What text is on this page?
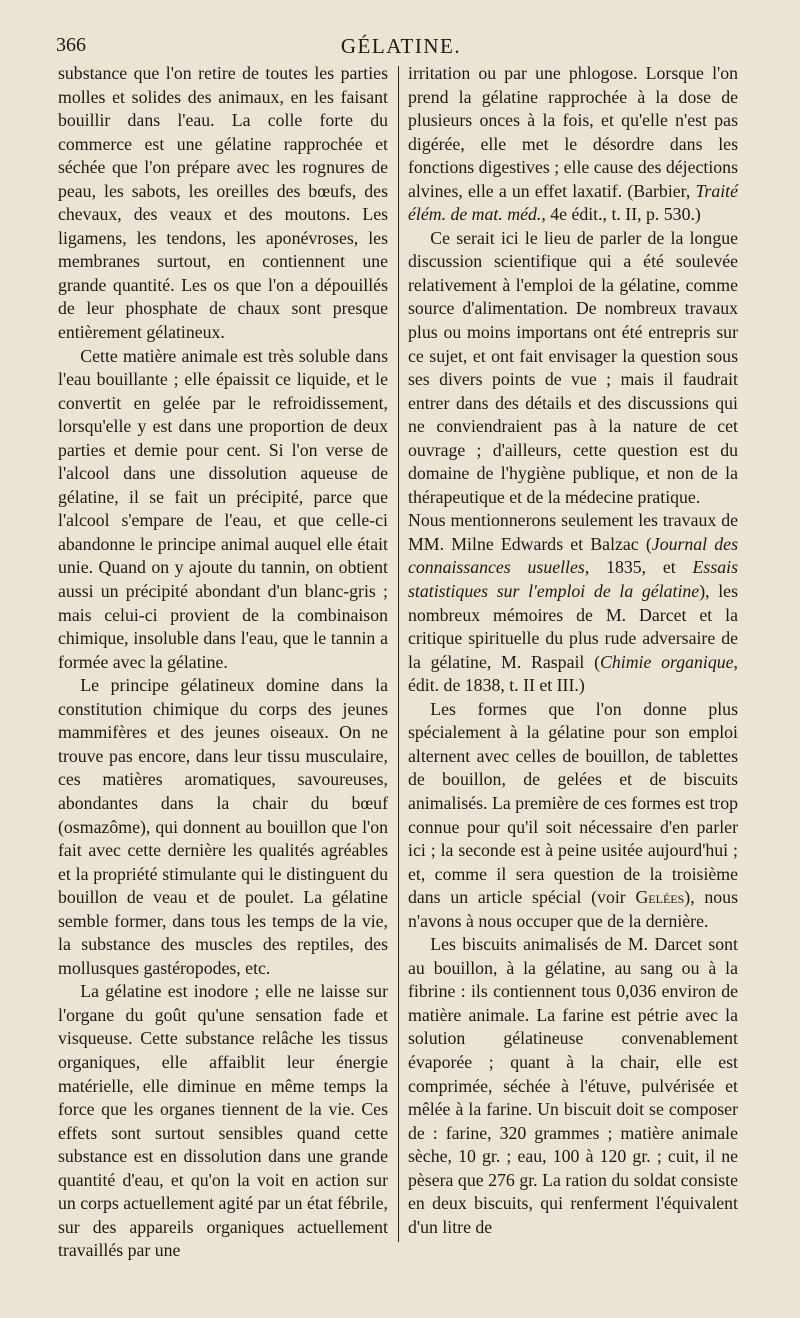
366	GÉLATINE.

substance que l'on retire de toutes les parties molles et solides des animaux, en les faisant bouillir dans l'eau. La colle forte du commerce est une gélatine rapprochée et séchée que l'on prépare avec les rognures de peau, les sabots, les oreilles des bœufs, des chevaux, des veaux et des moutons. Les ligamens, les tendons, les aponévroses, les membranes surtout, en contiennent une grande quantité. Les os que l'on a dépouillés de leur phosphate de chaux sont presque entièrement gélatineux.

Cette matière animale est très soluble dans l'eau bouillante ; elle épaissit ce liquide, et le convertit en gelée par le refroidissement, lorsqu'elle y est dans une proportion de deux parties et demie pour cent. Si l'on verse de l'alcool dans une dissolution aqueuse de gélatine, il se fait un précipité, parce que l'alcool s'empare de l'eau, et que celle-ci abandonne le principe animal auquel elle était unie. Quand on y ajoute du tannin, on obtient aussi un précipité abondant d'un blanc-gris ; mais celui-ci provient de la combinaison chimique, insoluble dans l'eau, que le tannin a formée avec la gélatine.

Le principe gélatineux domine dans la constitution chimique du corps des jeunes mammifères et des jeunes oiseaux. On ne trouve pas encore, dans leur tissu musculaire, ces matières aromatiques, savoureuses, abondantes dans la chair du bœuf (osmazôme), qui donnent au bouillon que l'on fait avec cette dernière les qualités agréables et la propriété stimulante qui le distinguent du bouillon de veau et de poulet. La gélatine semble former, dans tous les temps de la vie, la substance des muscles des reptiles, des mollusques gastéropodes, etc.

La gélatine est inodore ; elle ne laisse sur l'organe du goût qu'une sensation fade et visqueuse. Cette substance relâche les tissus organiques, elle affaiblit leur énergie matérielle, elle diminue en même temps la force que les organes tiennent de la vie. Ces effets sont surtout sensibles quand cette substance est en dissolution dans une grande quantité d'eau, et qu'on la voit en action sur un corps actuellement agité par un état fébrile, sur des appareils organiques actuellement travaillés par une

irritation ou par une phlogose. Lorsque l'on prend la gélatine rapprochée à la dose de plusieurs onces à la fois, et qu'elle n'est pas digérée, elle met le désordre dans les fonctions digestives ; elle cause des déjections alvines, elle a un effet laxatif. (Barbier, Traité élém. de mat. méd., 4e édit., t. II, p. 530.)

Ce serait ici le lieu de parler de la longue discussion scientifique qui a été soulevée relativement à l'emploi de la gélatine, comme source d'alimentation. De nombreux travaux plus ou moins importans ont été entrepris sur ce sujet, et ont fait envisager la question sous ses divers points de vue ; mais il faudrait entrer dans des détails et des discussions qui ne conviendraient pas à la nature de cet ouvrage ; d'ailleurs, cette question est du domaine de l'hygiène publique, et non de la thérapeutique et de la médecine pratique.

Nous mentionnerons seulement les travaux de MM. Milne Edwards et Balzac (Journal des connaissances usuelles, 1835, et Essais statistiques sur l'emploi de la gélatine), les nombreux mémoires de M. Darcet et la critique spirituelle du plus rude adversaire de la gélatine, M. Raspail (Chimie organique, édit. de 1838, t. II et III.)

Les formes que l'on donne plus spécialement à la gélatine pour son emploi alternent avec celles de bouillon, de tablettes de bouillon, de gelées et de biscuits animalisés. La première de ces formes est trop connue pour qu'il soit nécessaire d'en parler ici ; la seconde est à peine usitée aujourd'hui ; et, comme il sera question de la troisième dans un article spécial (voir Gelées), nous n'avons à nous occuper que de la dernière.

Les biscuits animalisés de M. Darcet sont au bouillon, à la gélatine, au sang ou à la fibrine : ils contiennent tous 0,036 environ de matière animale. La farine est pétrie avec la solution gélatineuse convenablement évaporée ; quant à la chair, elle est comprimée, séchée à l'étuve, pulvérisée et mêlée à la farine. Un biscuit doit se composer de : farine, 320 grammes ; matière animale sèche, 10 gr. ; eau, 100 à 120 gr. ; cuit, il ne pèsera que 276 gr. La ration du soldat consiste en deux biscuits, qui renferment l'équivalent d'un litre de
